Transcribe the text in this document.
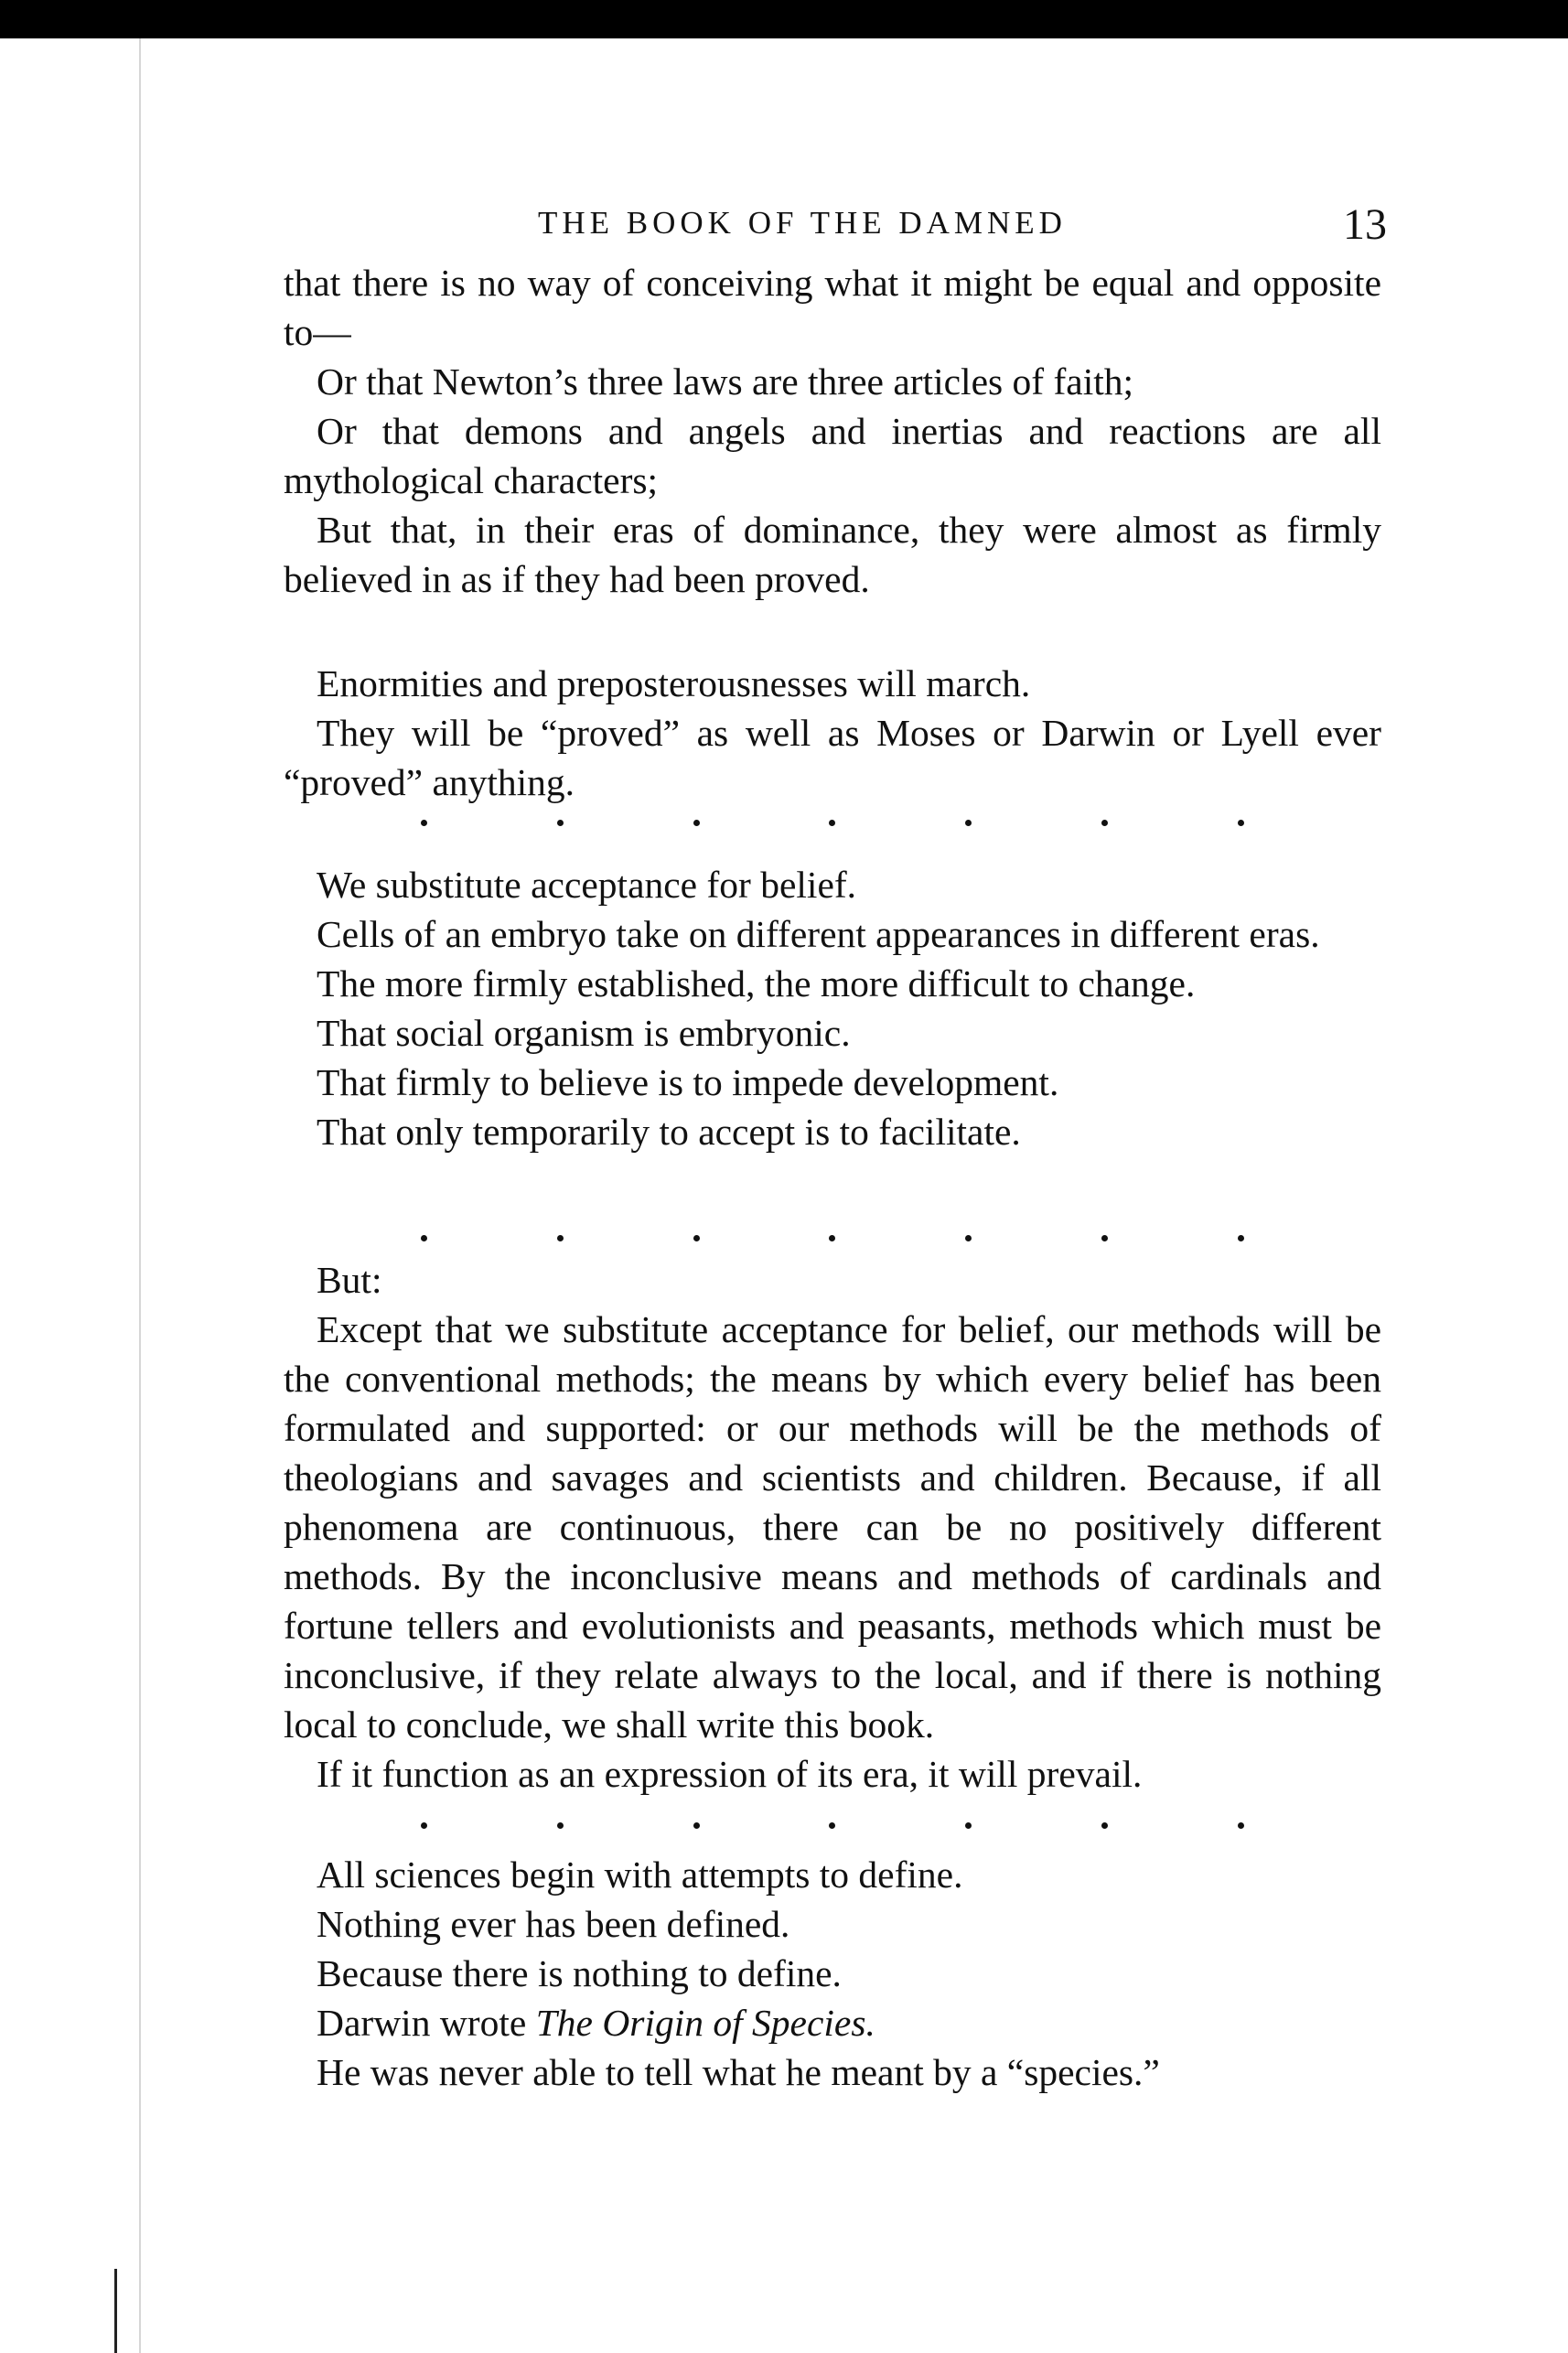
THE BOOK OF THE DAMNED	13

that there is no way of conceiving what it might be equal and opposite to—

Or that Newton’s three laws are three articles of faith;

Or that demons and angels and inertias and reactions are all mythological characters;

But that, in their eras of dominance, they were almost as firmly believed in as if they had been proved.

Enormities and preposterousnesses will march.

They will be “proved” as well as Moses or Darwin or Lyell ever “proved” anything.

We substitute acceptance for belief.

Cells of an embryo take on different appearances in different eras.

The more firmly established, the more difficult to change.

That social organism is embryonic.

That firmly to believe is to impede development.

That only temporarily to accept is to facilitate.

But:

Except that we substitute acceptance for belief, our methods will be the conventional methods; the means by which every belief has been formulated and supported: or our methods will be the methods of theologians and savages and scientists and children. Because, if all phenomena are continuous, there can be no positively different methods. By the inconclusive means and methods of cardinals and fortune tellers and evolutionists and peasants, methods which must be inconclusive, if they relate always to the local, and if there is nothing local to conclude, we shall write this book.

If it function as an expression of its era, it will prevail.

All sciences begin with attempts to define.

Nothing ever has been defined.

Because there is nothing to define.

Darwin wrote The Origin of Species.

He was never able to tell what he meant by a “species.”
